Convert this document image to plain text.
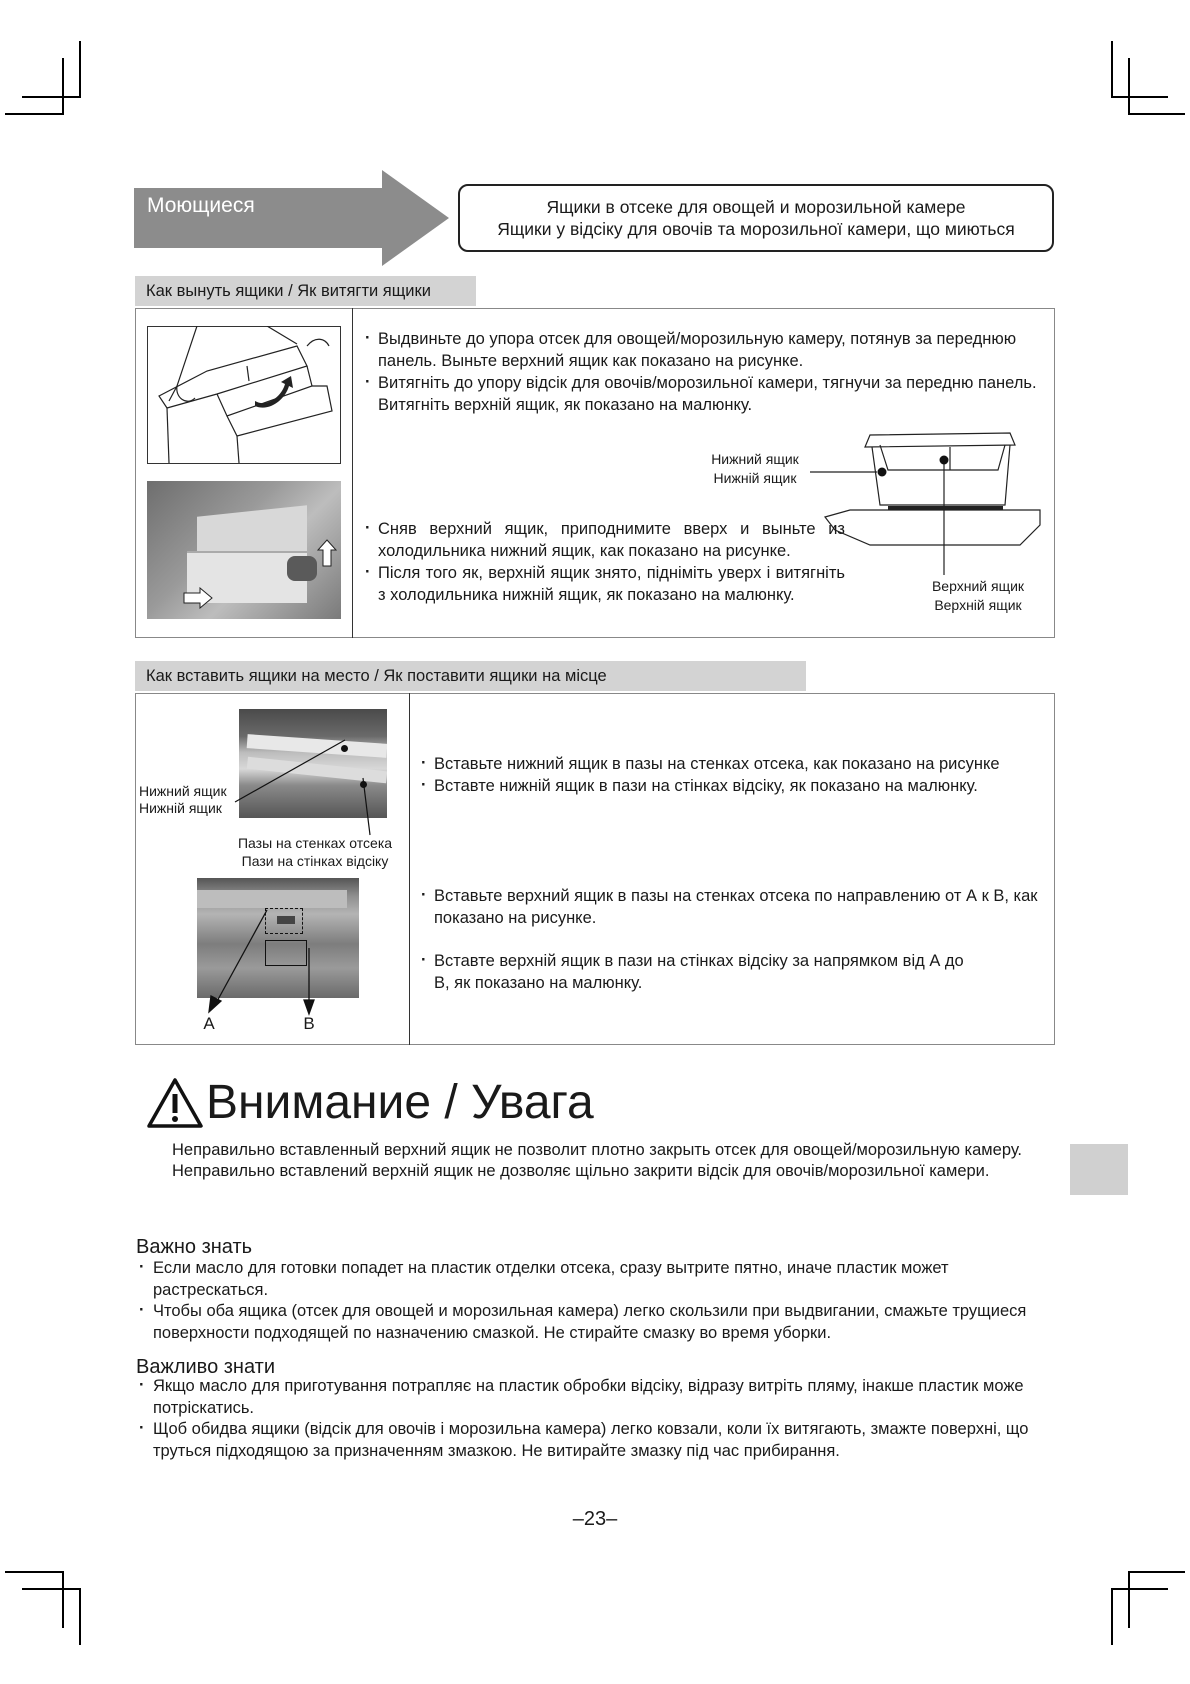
Моющиеся	Ящики в отсеке для овощей и морозильной камере
Ящики у відсіку для овочів та морозильної камери, що миються
Как вынуть ящики / Як витягти ящики
· Выдвиньте до упора отсек для овощей/морозильную камеру, потянув за переднюю панель. Выньте верхний ящик как показано на рисунке.
· Витягніть до упору відсік для овочів/морозильної камери, тягнучи за передню панель. Витягніть верхній ящик, як показано на малюнку.
Нижний ящик
Нижній ящик
Верхний ящик
Верхній ящик
· Сняв верхний ящик, приподнимите вверх и выньте из холодильника нижний ящик, как показано на рисунке.
· Після того як, верхній ящик знято, підніміть уверх і витягніть з холодильника нижній ящик, як показано на малюнку.
Как вставить ящики на место / Як поставити ящики на місце
Нижний ящик
Нижній ящик
Пазы на стенках отсека
Пази на стінках відсіку
A	B
· Вставьте нижний ящик в пазы на стенках отсека, как показано на рисунке
· Вставте нижній ящик в пази на стінках відсіку, як показано на малюнку.
· Вставьте верхний ящик в пазы на стенках отсека по направлению от А к В, как показано на рисунке.
· Вставте верхній ящик в пази на стінках відсіку за напрямком від А до В, як показано на малюнку.
Внимание / Увага
Неправильно вставленный верхний ящик не позволит плотно закрыть отсек для овощей/морозильную камеру.
Неправильно вставлений верхній ящик не дозволяє щільно закрити відсік для овочів/морозильної камери.
Важно знать
· Если масло для готовки попадет на пластик отделки отсека, сразу вытрите пятно, иначе пластик может растрескаться.
· Чтобы оба ящика (отсек для овощей и морозильная камера) легко скользили при выдвигании, смажьте трущиеся поверхности подходящей по назначению смазкой. Не стирайте смазку во время уборки.
Важливо знати
· Якщо масло для приготування потрапляє на пластик обробки відсіку, відразу витріть пляму, інакше пластик може потріскатись.
· Щоб обидва ящики (відсік для овочів і морозильна камера) легко ковзали, коли їх витягають, змажте поверхні, що труться підходящою за призначенням змазкою. Не витирайте змазку під час прибирання.
–23–
